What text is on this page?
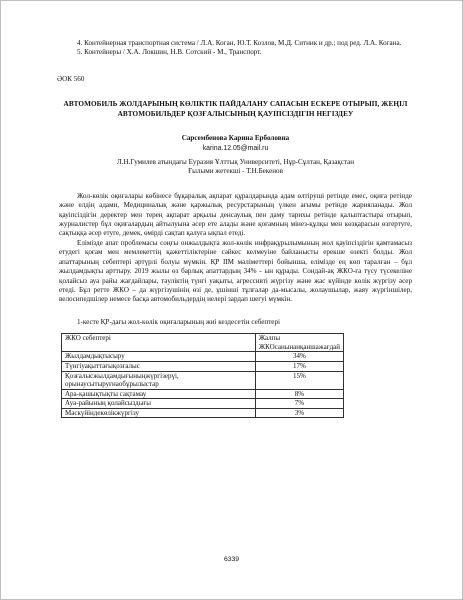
4. Контейнерная транспортная система / Л.А. Коган, Ю.Т. Козлов, М.Д. Ситник и др.; под ред. Л.А. Когана.

5. Контейнеры / Х.А. Локшин, Н.В. Сотский - М., Транспорт.

ӘОК 560

АВТОМОБИЛЬ ЖОЛДАРЫНЫҢ КӨЛІКТІК ПАЙДАЛАНУ САПАСЫН ЕСКЕРЕ ОТЫРЫП, ЖЕҢІЛ АВТОМОБИЛЬДЕР ҚОЗҒАЛЫСЫНЫҢ ҚАУІПСІЗДІГІН НЕГІЗДЕУ

Сарсембенова Карина Ерболовна

karina.12.05@mail.ru

Л.Н.Гумилев атындағы Еуразия Ұлттық Университеті, Нұр-Сұлтан, Қазақстан

Ғылыми жетекші - Т.Н.Бекенов

Жол-көлік оқиғалары көбінесе бұқаралық ақпарат құралдарында адам өлтіруші ретінде емес, оқиға ретінде және елдің адами, Медициналық және қаржылық ресурстарының үлкен ағымы ретінде жарияланады. Жол қауіпсіздігін деректер мен терең ақпарат арқылы денсаулық пен даму тарихы ретінде қалыптастыра отырып, журналистер бұл оқиғалардың айтылуына әсер ете алады және қоғамның мінез-құлқы мен көзқарасын өзгертуге, сақтыққа әсер етуге, демек, өмірді сақтап қалуға ықпал етеді.

Елімізде апат проблемасы соңғы онжылдықта жол-көлік инфрақұрылымының жол қауіпсіздігін қамтамасыз етудегі қоғам мен мемлекеттің қажеттіліктеріне сәйкес келмеуіне байланысты ерекше өзекті болды. Жол апаттарының себептері әртүрлі болуы мүмкін. ҚР ІІМ мәліметтері бойынша, елімізде ең көп таралған – бұл жылдамдықты арттыру. 2019 жылы өз барлық апаттардың 34% - ын құрады. Сондай-ақ ЖКО-ға түсу түсекеліне қолайсыз ауа райы жағдайлары, тәуліктің түнгі уақыты, агрессивті жүргізу және жас күйінде көлік жүргізу әсер етеді. Бұл ретте ЖКО – да жүргізушінің өзі де, ұшінші тұлғалар да-мысалы, жолаушылар, жаяу жүргіншілер, велосипедшілер немесе басқа автомобильдердің иелері зардап шегуі мүмкін.

1-кесте ҚР-дағы жол-көлік оқиғаларының жиі кездесетін себептері

ЖКО себептері	Жалпы ЖКОсанынанқаншажағдай
Жылдамдықтысыру	34%
Түнгіуақыттағықозғалыс	17%
Қозғалысжылдамдығыныңжүргізерүі, орынаусытыруғнаобұрылыстар	15%
Ара-қашықтықты сақтамау	8%
Ауа-райының қолайсыздығы	7%
Мaскүйіндекөлікжүргізу	3%
6339
